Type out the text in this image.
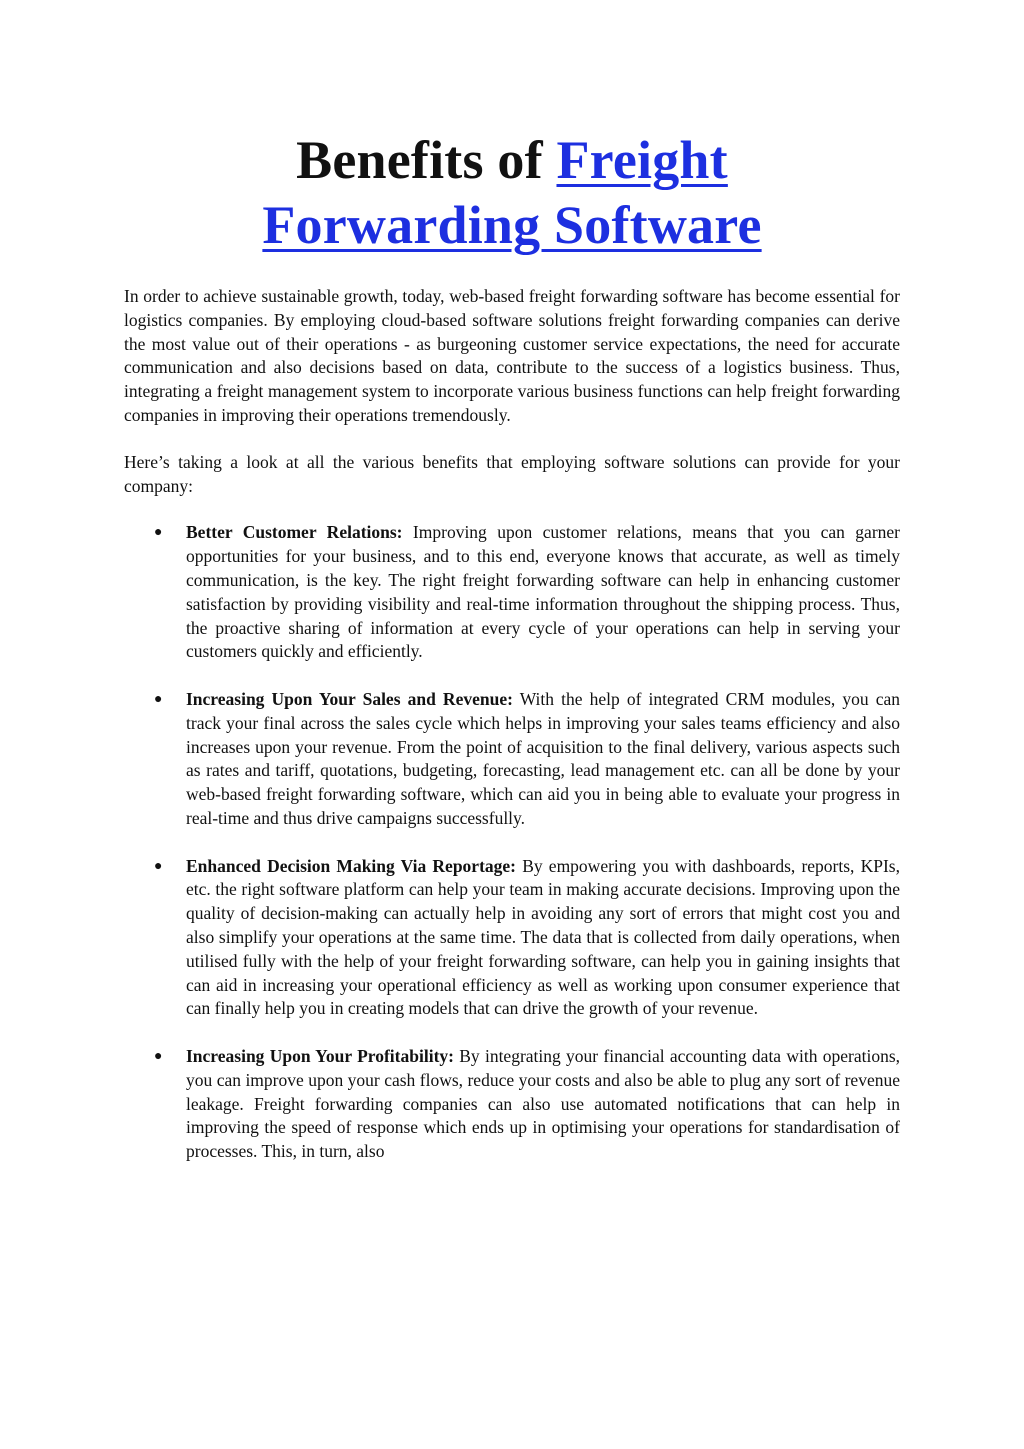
Benefits of Freight
Forwarding Software

In order to achieve sustainable growth, today, web-based freight forwarding software has become essential for logistics companies. By employing cloud-based software solutions freight forwarding companies can derive the most value out of their operations - as burgeoning customer service expectations, the need for accurate communication and also decisions based on data, contribute to the success of a logistics business. Thus, integrating a freight management system to incorporate various business functions can help freight forwarding companies in improving their operations tremendously.

Here’s taking a look at all the various benefits that employing software solutions can provide for your company:

● Better Customer Relations: Improving upon customer relations, means that you can garner opportunities for your business, and to this end, everyone knows that accurate, as well as timely communication, is the key. The right freight forwarding software can help in enhancing customer satisfaction by providing visibility and real-time information throughout the shipping process. Thus, the proactive sharing of information at every cycle of your operations can help in serving your customers quickly and efficiently.
● Increasing Upon Your Sales and Revenue: With the help of integrated CRM modules, you can track your final across the sales cycle which helps in improving your sales teams efficiency and also increases upon your revenue. From the point of acquisition to the final delivery, various aspects such as rates and tariff, quotations, budgeting, forecasting, lead management etc. can all be done by your web-based freight forwarding software, which can aid you in being able to evaluate your progress in real-time and thus drive campaigns successfully.
● Enhanced Decision Making Via Reportage: By empowering you with dashboards, reports, KPIs, etc. the right software platform can help your team in making accurate decisions. Improving upon the quality of decision-making can actually help in avoiding any sort of errors that might cost you and also simplify your operations at the same time. The data that is collected from daily operations, when utilised fully with the help of your freight forwarding software, can help you in gaining insights that can aid in increasing your operational efficiency as well as working upon consumer experience that can finally help you in creating models that can drive the growth of your revenue.
● Increasing Upon Your Profitability: By integrating your financial accounting data with operations, you can improve upon your cash flows, reduce your costs and also be able to plug any sort of revenue leakage. Freight forwarding companies can also use automated notifications that can help in improving the speed of response which ends up in optimising your operations for standardisation of processes. This, in turn, also
